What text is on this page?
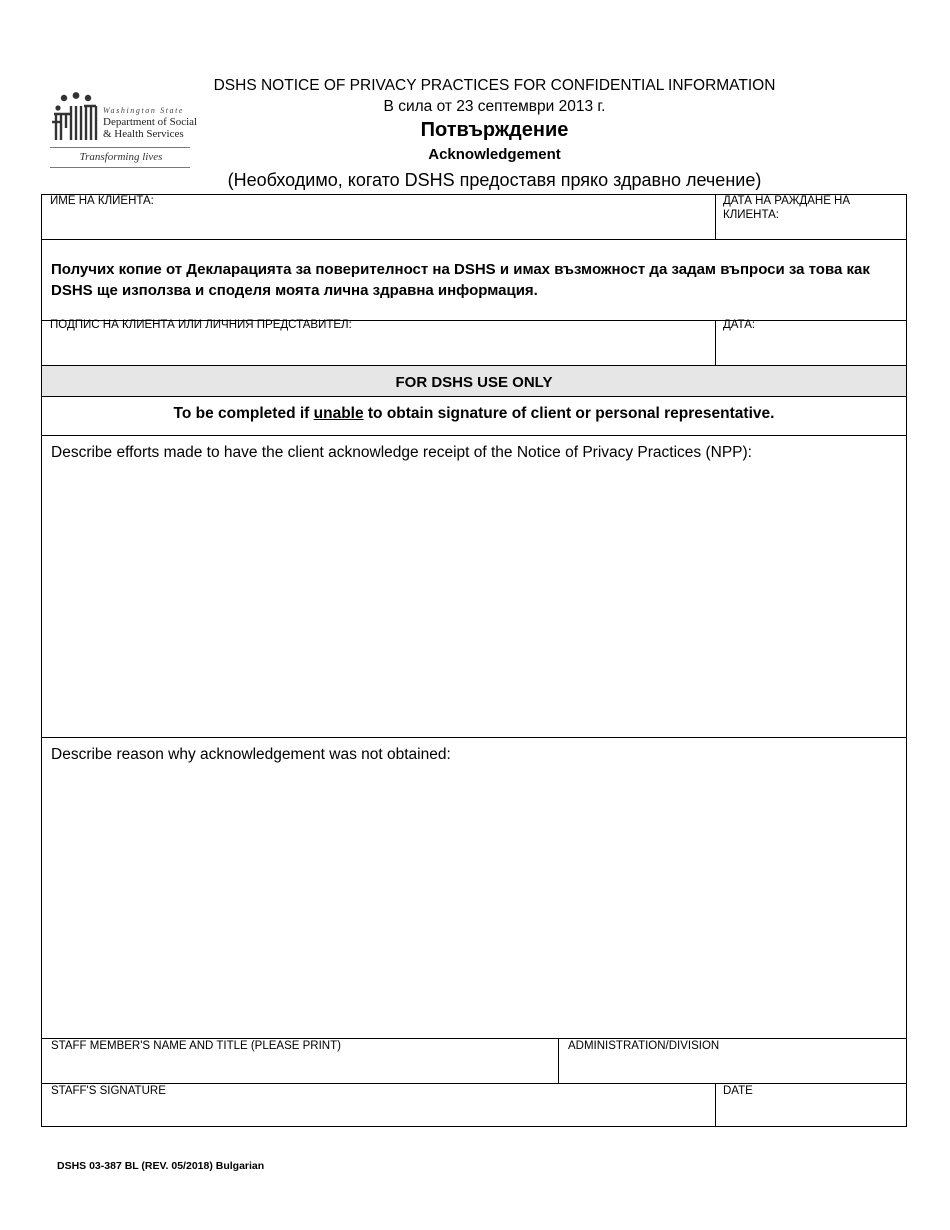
Washington State
Department of Social
& Health Services
Transforming lives
DSHS NOTICE OF PRIVACY PRACTICES FOR CONFIDENTIAL INFORMATION
В сила от 23 септември 2013 г.
Потвърждение
Acknowledgement
(Необходимо, когато DSHS предоставя пряко здравно лечение)
ИМЕ НА КЛИЕНТА:	ДАТА НА РАЖДАНЕ НА КЛИЕНТА:
Получих копие от Декларацията за поверителност на DSHS и имах възможност да задам въпроси за това как DSHS ще използва и споделя моята лична здравна информация.
ПОДПИС НА КЛИЕНТА ИЛИ ЛИЧНИЯ ПРЕДСТАВИТЕЛ:	ДАТА:
FOR DSHS USE ONLY
To be completed if unable to obtain signature of client or personal representative.
Describe efforts made to have the client acknowledge receipt of the Notice of Privacy Practices (NPP):
Describe reason why acknowledgement was not obtained:
STAFF MEMBER'S NAME AND TITLE (PLEASE PRINT)	ADMINISTRATION/DIVISION
STAFF'S SIGNATURE	DATE
DSHS 03-387 BL (REV. 05/2018) Bulgarian
